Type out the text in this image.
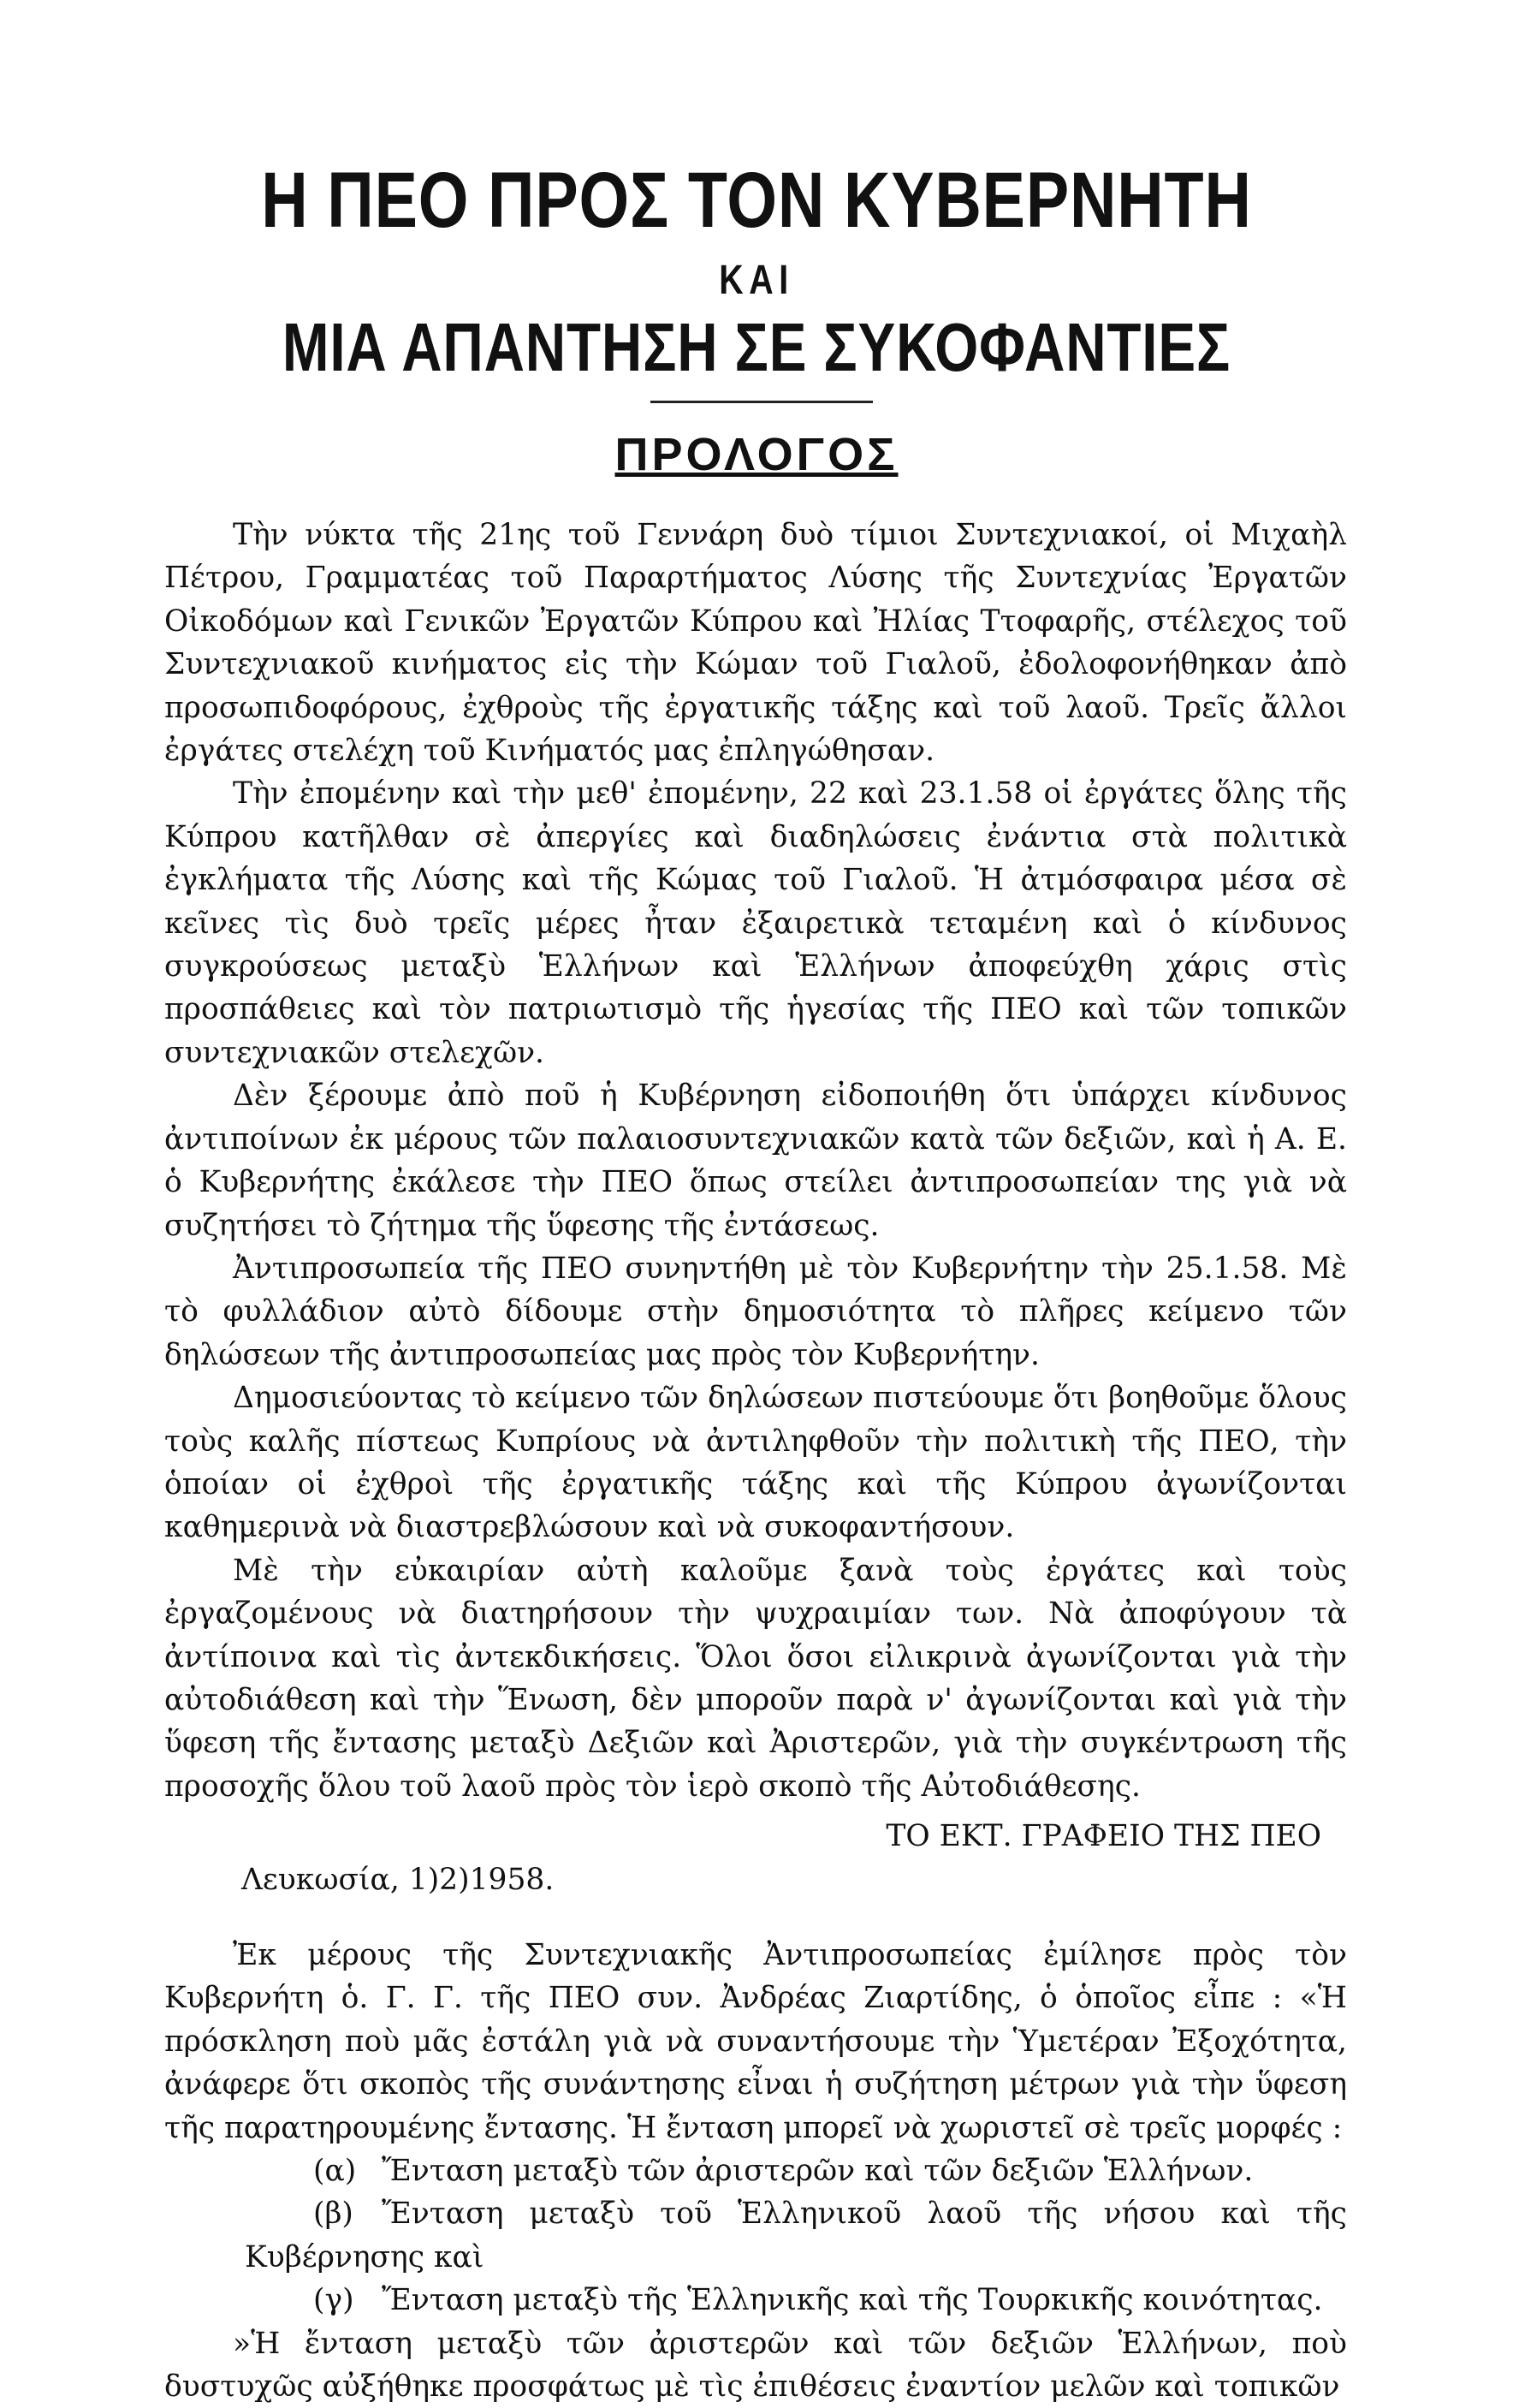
Η ΠΕΟ ΠΡΟΣ ΤΟΝ ΚΥΒΕΡΝΗΤΗ
ΚΑΙ
ΜΙΑ ΑΠΑΝΤΗΣΗ ΣΕ ΣΥΚΟΦΑΝΤΙΕΣ
ΠΡΟΛΟΓΟΣ

Τὴν νύκτα τῆς 21ης τοῦ Γεννάρη δυὸ τίμιοι Συντεχνιακοί, οἱ Μιχαὴλ Πέτρου, Γραμματέας τοῦ Παραρτήματος Λύσης τῆς Συντεχνίας Ἐργατῶν Οἰκοδόμων καὶ Γενικῶν Ἐργατῶν Κύπρου καὶ Ἠλίας Ττοφαρῆς, στέλεχος τοῦ Συντεχνιακοῦ κινήματος εἰς τὴν Κώμαν τοῦ Γιαλοῦ, ἐδολοφονήθηκαν ἀπὸ προσωπιδοφόρους, ἐχθροὺς τῆς ἐργατικῆς τάξης καὶ τοῦ λαοῦ. Τρεῖς ἄλλοι ἐργάτες στελέχη τοῦ Κινήματός μας ἐπληγώθησαν.

Τὴν ἐπομένην καὶ τὴν μεθ' ἐπομένην, 22 καὶ 23.1.58 οἱ ἐργάτες ὅλης τῆς Κύπρου κατῆλθαν σὲ ἀπεργίες καὶ διαδηλώσεις ἐνάντια στὰ πολιτικὰ ἐγκλήματα τῆς Λύσης καὶ τῆς Κώμας τοῦ Γιαλοῦ. Ἡ ἀτμόσφαιρα μέσα σὲ κεῖνες τὶς δυὸ τρεῖς μέρες ἦταν ἐξαιρετικὰ τεταμένη καὶ ὁ κίνδυνος συγκρούσεως μεταξὺ Ἑλλήνων καὶ Ἑλλήνων ἀποφεύχθη χάρις στὶς προσπάθειες καὶ τὸν πατριωτισμὸ τῆς ἡγεσίας τῆς ΠΕΟ καὶ τῶν τοπικῶν συντεχνιακῶν στελεχῶν.

Δὲν ξέρουμε ἀπὸ ποῦ ἡ Κυβέρνηση εἰδοποιήθη ὅτι ὑπάρχει κίνδυνος ἀντιποίνων ἐκ μέρους τῶν παλαιοσυντεχνιακῶν κατὰ τῶν δεξιῶν, καὶ ἡ Α. Ε. ὁ Κυβερνήτης ἐκάλεσε τὴν ΠΕΟ ὅπως στείλει ἀντιπροσωπείαν της γιὰ νὰ συζητήσει τὸ ζήτημα τῆς ὕφεσης τῆς ἐντάσεως.

Ἀντιπροσωπεία τῆς ΠΕΟ συνηντήθη μὲ τὸν Κυβερνήτην τὴν 25.1.58. Μὲ τὸ φυλλάδιον αὐτὸ δίδουμε στὴν δημοσιότητα τὸ πλῆρες κείμενο τῶν δηλώσεων τῆς ἀντιπροσωπείας μας πρὸς τὸν Κυβερνήτην.

Δημοσιεύοντας τὸ κείμενο τῶν δηλώσεων πιστεύουμε ὅτι βοηθοῦμε ὅλους τοὺς καλῆς πίστεως Κυπρίους νὰ ἀντιληφθοῦν τὴν πολιτικὴ τῆς ΠΕΟ, τὴν ὁποίαν οἱ ἐχθροὶ τῆς ἐργατικῆς τάξης καὶ τῆς Κύπρου ἀγωνίζονται καθημερινὰ νὰ διαστρεβλώσουν καὶ νὰ συκοφαντήσουν.

Μὲ τὴν εὐκαιρίαν αὐτὴ καλοῦμε ξανὰ τοὺς ἐργάτες καὶ τοὺς ἐργαζομένους νὰ διατηρήσουν τὴν ψυχραιμίαν των. Νὰ ἀποφύγουν τὰ ἀντίποινα καὶ τὶς ἀντεκδικήσεις. Ὅλοι ὅσοι εἰλικρινὰ ἀγωνίζονται γιὰ τὴν αὐτοδιάθεση καὶ τὴν Ἕνωση, δὲν μποροῦν παρὰ ν' ἀγωνίζονται καὶ γιὰ τὴν ὕφεση τῆς ἔντασης μεταξὺ Δεξιῶν καὶ Ἀριστερῶν, γιὰ τὴν συγκέντρωση τῆς προσοχῆς ὅλου τοῦ λαοῦ πρὸς τὸν ἱερὸ σκοπὸ τῆς Αὐτοδιάθεσης.

ΤΟ ΕΚΤ. ΓΡΑΦΕΙΟ ΤΗΣ ΠΕΟ
Λευκωσία, 1)2)1958.

Ἐκ μέρους τῆς Συντεχνιακῆς Ἀντιπροσωπείας ἐμίλησε πρὸς τὸν Κυβερνήτη ὁ. Γ. Γ. τῆς ΠΕΟ συν. Ἀνδρέας Ζιαρτίδης, ὁ ὁποῖος εἶπε : «Ἡ πρόσκληση ποὺ μᾶς ἐστάλη γιὰ νὰ συναντήσουμε τὴν Ὑμετέραν Ἐξοχότητα, ἀνάφερε ὅτι σκοπὸς τῆς συνάντησης εἶναι ἡ συζήτηση μέτρων γιὰ τὴν ὕφεση τῆς παρατηρουμένης ἔντασης. Ἡ ἔνταση μπορεῖ νὰ χωριστεῖ σὲ τρεῖς μορφές :

(α) Ἔνταση μεταξὺ τῶν ἀριστερῶν καὶ τῶν δεξιῶν Ἑλλήνων.

(β) Ἔνταση μεταξὺ τοῦ Ἑλληνικοῦ λαοῦ τῆς νήσου καὶ τῆς Κυβέρνησης καὶ

(γ) Ἔνταση μεταξὺ τῆς Ἑλληνικῆς καὶ τῆς Τουρκικῆς κοινότητας.

»Ἡ ἔνταση μεταξὺ τῶν ἀριστερῶν καὶ τῶν δεξιῶν Ἑλλήνων, ποὺ δυστυχῶς αὐξήθηκε προσφάτως μὲ τὶς ἐπιθέσεις ἐναντίον μελῶν καὶ τοπικῶν
